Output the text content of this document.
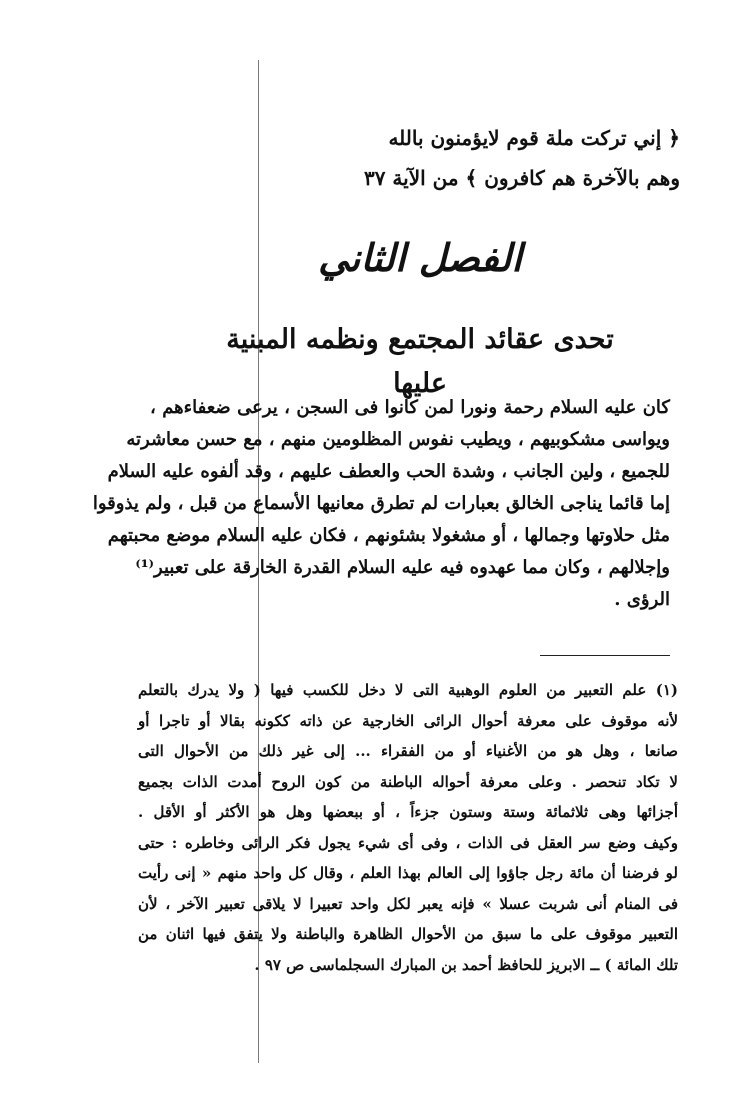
﴿ إني تركت ملة قوم لايؤمنون بالله
وهم بالآخرة هم كافرون ﴾ من الآية ٣٧
الفصل الثاني
تحدى عقائد المجتمع ونظمه المبنية عليها
كان عليه السلام رحمة ونورا لمن كانوا فى السجن ، يرعى ضعفاءهم ،
ويواسى مشكوبيهم ، ويطيب نفوس المظلومين منهم ، مع حسن معاشرته
للجميع ، ولين الجانب ، وشدة الحب والعطف عليهم ، وقد ألفوه عليه السلام
إما قائما يناجى الخالق بعبارات لم تطرق معانيها الأسماع من قبل ، ولم يذوقوا
مثل حلاوتها وجمالها ، أو مشغولا بشئونهم ، فكان عليه السلام موضع محبتهم
وإجلالهم ، وكان مما عهدوه فيه عليه السلام القدرة الخارقة على تعبير⁽¹⁾
الرؤى .
(١) علم التعبير من العلوم الوهبية التى لا دخل للكسب فيها ( ولا يدرك بالتعلم
لأنه موقوف على معرفة أحوال الرائى الخارجية عن ذاته ككونه بقالا أو تاجرا أو
صانعا ، وهل هو من الأغنياء أو من الفقراء ... إلى غير ذلك من الأحوال التى
لا تكاد تنحصر . وعلى معرفة أحواله الباطنة من كون الروح أمدت الذات بجميع
أجزائها وهى ثلاثمائة وستة وستون جزءاً ، أو ببعضها وهل هو الأكثر أو الأقل .
وكيف وضع سر العقل فى الذات ، وفى أى شيء يجول فكر الرائى وخاطره : حتى
لو فرضنا أن مائة رجل جاؤوا إلى العالم بهذا العلم ، وقال كل واحد منهم « إنى رأيت
فى المنام أنى شربت عسلا » فإنه يعبر لكل واحد تعبيرا لا يلاقى تعبير الآخر ، لأن
التعبير موقوف على ما سبق من الأحوال الظاهرة والباطنة ولا يتفق فيها اثنان من
تلك المائة ) ــ الابريز للحافظ أحمد بن المبارك السجلماسى ص ٩٧ .
